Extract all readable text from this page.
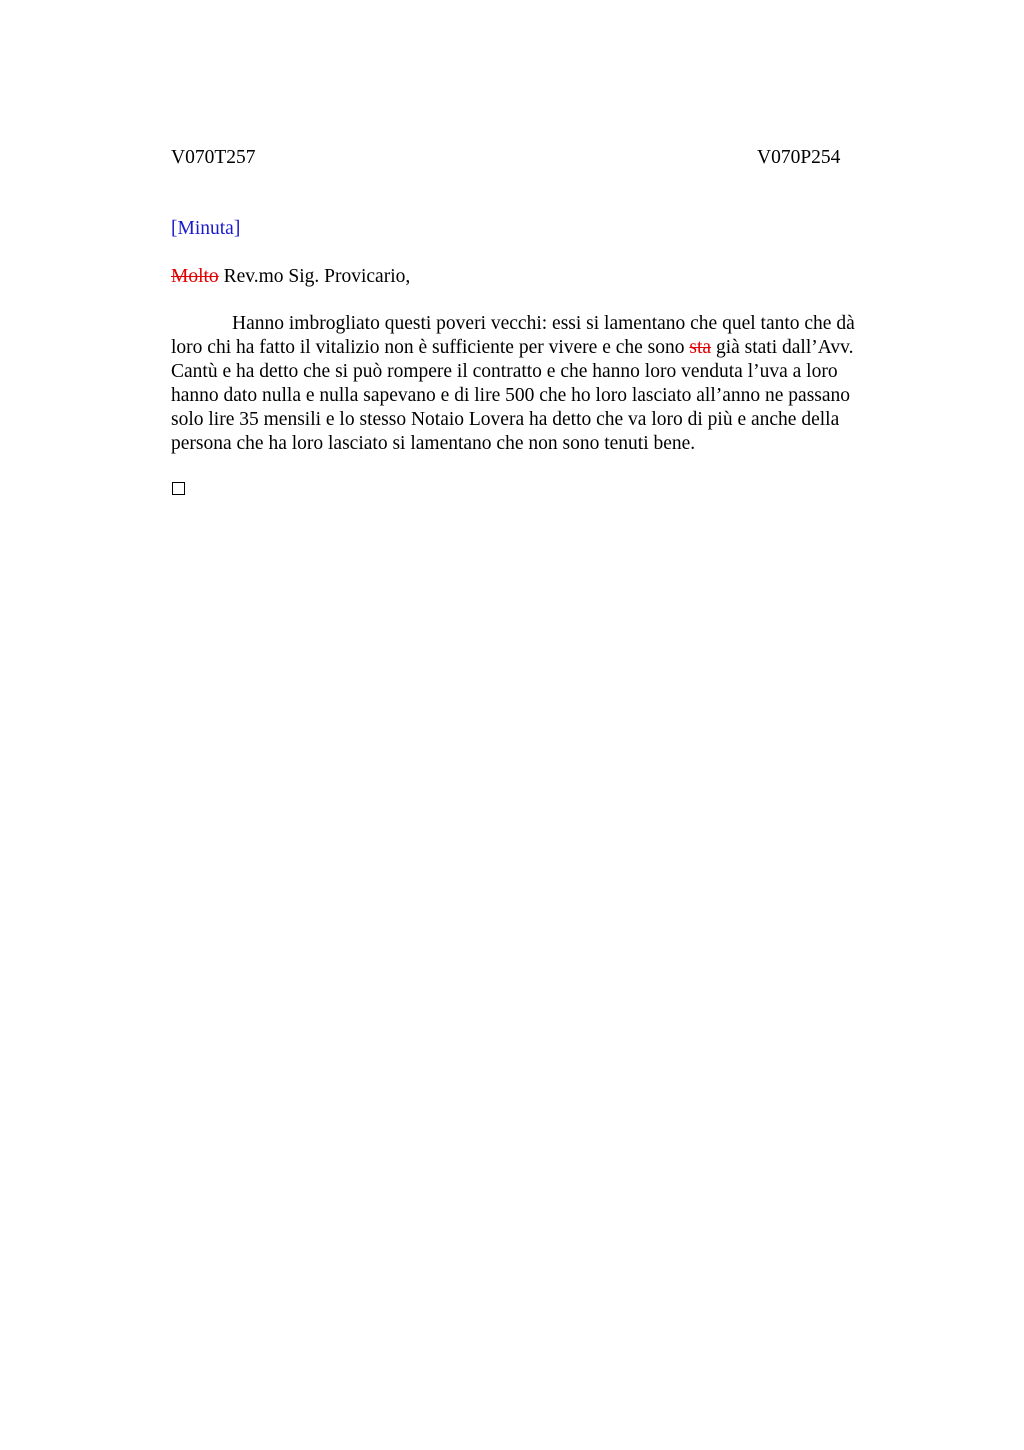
V070T257	V070P254
[Minuta]
Molto Rev.mo Sig. Provicario,
Hanno imbrogliato questi poveri vecchi: essi si lamentano che quel tanto che dà
loro chi ha fatto il vitalizio non è sufficiente per vivere e che sono sta già stati dall’Avv.
Cantù e ha detto che si può rompere il contratto e che hanno loro venduta l’uva a loro
hanno dato nulla e nulla sapevano e di lire 500 che ho loro lasciato all’anno ne passano
solo lire 35 mensili e lo stesso Notaio Lovera ha detto che va loro di più e anche della
persona che ha loro lasciato si lamentano che non sono tenuti bene.
